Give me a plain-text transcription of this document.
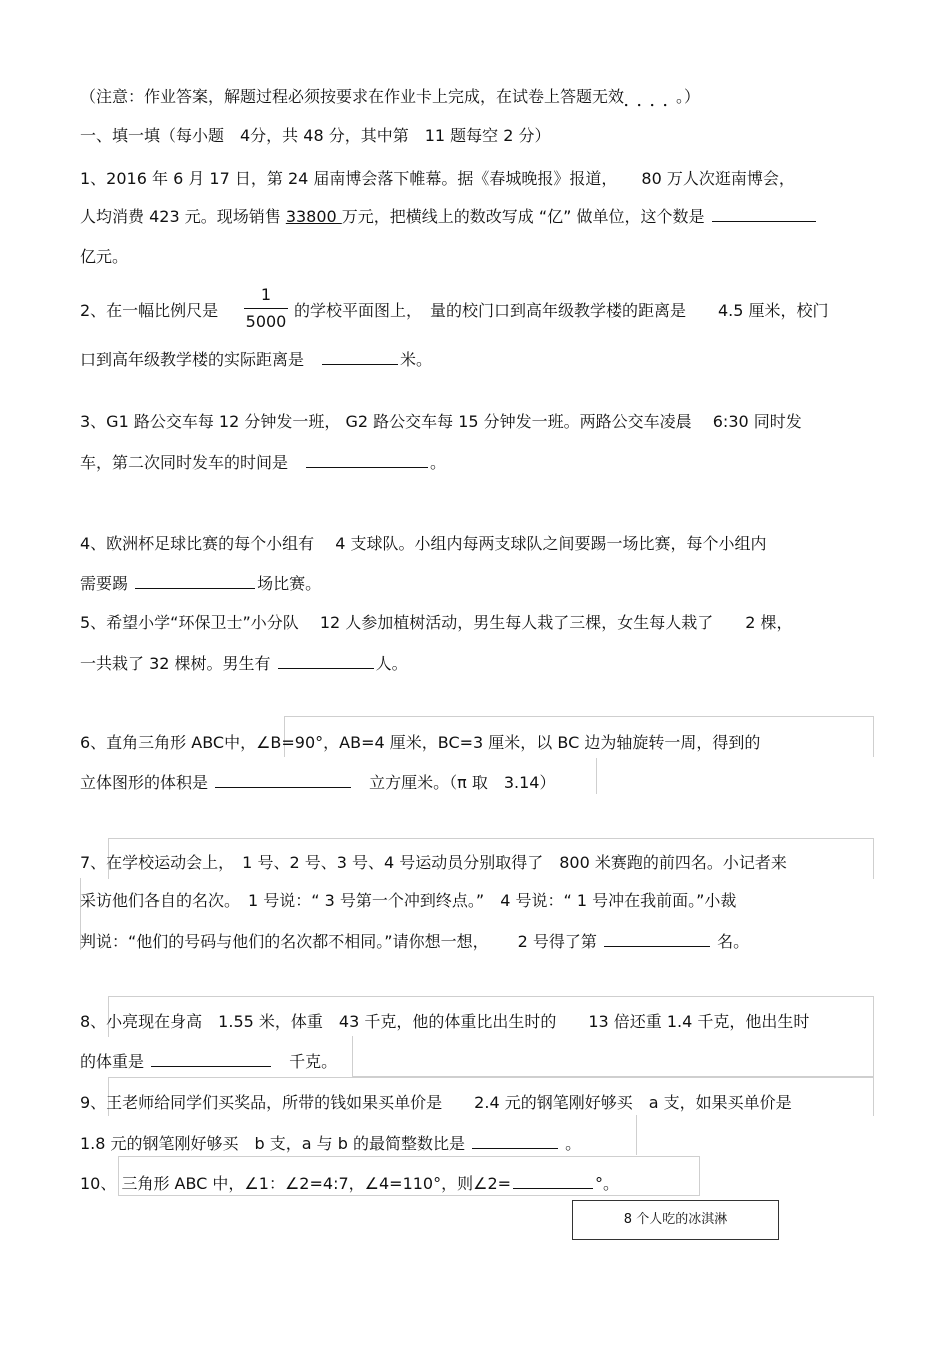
（注意：作业答案，解题过程必须按要求在作业卡上完成，在试卷上答题无效．．．．。）
一、填一填（每小题　4分，共 48 分，其中第　11 题每空 2 分）
1、2016 年 6 月 17 日，第 24 届南博会落下帷幕。据《春城晚报》报道，　　80 万人次逛南博会，
人均消费 423 元。现场销售 33800 万元，把横线上的数改写成 “亿” 做单位，这个数是
亿元。
2、在一幅比例尺是
1
5000
的学校平面图上，　量的校门口到高年级教学楼的距离是　　4.5 厘米，校门
口到高年级教学楼的实际距离是　	米。
3、G1 路公交车每 12 分钟发一班， G2 路公交车每 15 分钟发一班。两路公交车凌晨　 6:30 同时发
车，第二次同时发车的时间是　	。
4、欧洲杯足球比赛的每个小组有　 4 支球队。小组内每两支球队之间要踢一场比赛，每个小组内
需要踢	场比赛。
5、希望小学“环保卫士”小分队　 12 人参加植树活动，男生每人栽了三棵，女生每人栽了　　2 棵，
一共栽了 32 棵树。男生有	人。
6、直角三角形 ABC中，∠B=90°，AB=4 厘米，BC=3 厘米，以 BC 边为轴旋转一周，得到的
立体图形的体积是	　立方厘米。（π 取　3.14）
7、在学校运动会上，　1 号、2 号、3 号、4 号运动员分别取得了　800 米赛跑的前四名。小记者来
采访他们各自的名次。　1 号说：“ 3 号第一个冲到终点。”　4 号说：“ 1 号冲在我前面。”小裁
判说：“他们的号码与他们的名次都不相同。”请你想一想，　　 2 号得了第	名。
8、小亮现在身高　1.55 米，体重　43 千克，他的体重比出生时的　　13 倍还重 1.4 千克，他出生时
的体重是	　千克。
9、王老师给同学们买奖品，所带的钱如果买单价是　　2.4 元的钢笔刚好够买　a 支，如果买单价是
1.8 元的钢笔刚好够买　b 支，a 与 b 的最简整数比是	。
10、 三角形 ABC 中，∠1：∠2=4:7，∠4=110°，则∠2=	°。
8 个人吃的冰淇淋
